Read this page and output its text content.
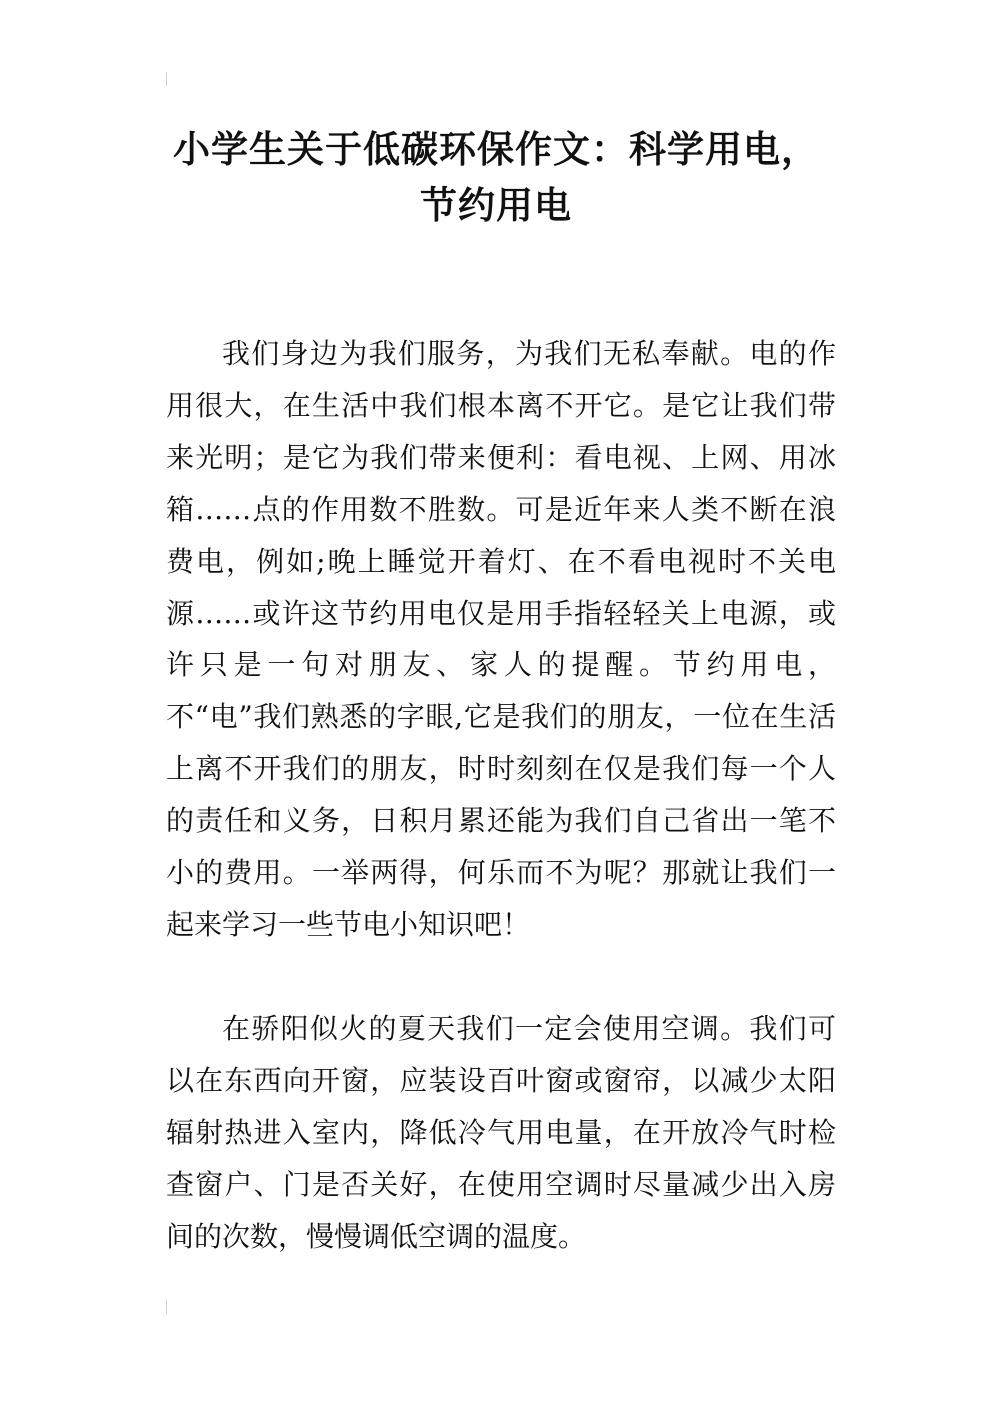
小学生关于低碳环保作文：科学用电，
节约用电

我们身边为我们服务，为我们无私奉献。电的作用很大，在生活中我们根本离不开它。是它让我们带来光明；是它为我们带来便利：看电视、上网、用冰箱……点的作用数不胜数。可是近年来人类不断在浪费电，例如;晚上睡觉开着灯、在不看电视时不关电源……或许这节约用电仅是用手指轻轻关上电源，或许只是一句对朋友、家人的提醒。节约用电，不“电”我们熟悉的字眼,它是我们的朋友，一位在生活上离不开我们的朋友，时时刻刻在仅是我们每一个人的责任和义务，日积月累还能为我们自己省出一笔不小的费用。一举两得，何乐而不为呢？那就让我们一起来学习一些节电小知识吧！

在骄阳似火的夏天我们一定会使用空调。我们可以在东西向开窗，应装设百叶窗或窗帘，以减少太阳辐射热进入室内，降低冷气用电量，在开放冷气时检查窗户、门是否关好，在使用空调时尽量减少出入房间的次数，慢慢调低空调的温度。
